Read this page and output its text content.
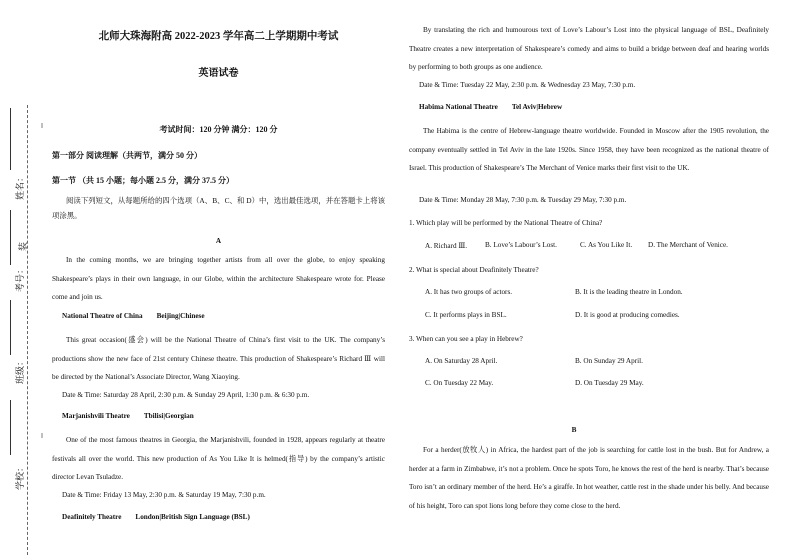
姓名：
装
考号：
班级：
学校：
‖
‖
北师大珠海附高 2022-2023 学年高二上学期期中考试
英语试卷
考试时间：120 分钟 满分：120 分
第一部分 阅读理解（共两节，满分 50 分）
第一节 （共 15 小题；每小题 2.5 分，满分 37.5 分）
阅读下列短文，从每题所给的四个选项（A、B、C、和 D）中，选出最佳选项，并在答题卡上将该项涂黑。
A
In the coming months, we are bringing together artists from all over the globe, to enjoy speaking Shakespeare’s plays in their own language, in our Globe, within the architecture Shakespeare wrote for. Please come and join us.
National Theatre of China Beijing|Chinese
This great occasion(盛会) will be the National Theatre of China’s first visit to the UK. The company’s productions show the new face of 21st century Chinese theatre. This production of Shakespeare’s Richard Ⅲ will be directed by the National’s Associate Director, Wang Xiaoying.
Date & Time: Saturday 28 April, 2:30 p.m. & Sunday 29 April, 1:30 p.m. & 6:30 p.m.
Marjanishvili Theatre Tbilisi|Georgian
One of the most famous theatres in Georgia, the Marjanishvili, founded in 1928, appears regularly at theatre festivals all over the world. This new production of As You Like It is helmed(指导) by the company’s artistic director Levan Tsuladze.
Date & Time: Friday 13 May, 2:30 p.m. & Saturday 19 May, 7:30 p.m.
Deafinitely Theatre London|British Sign Language (BSL)
By translating the rich and humourous text of Love’s Labour’s Lost into the physical language of BSL, Deafinitely Theatre creates a new interpretation of Shakespeare’s comedy and aims to build a bridge between deaf and hearing worlds by performing to both groups as one audience.
Date & Time: Tuesday 22 May, 2:30 p.m. & Wednesday 23 May, 7:30 p.m.
Habima National Theatre Tel Aviv|Hebrew
The Habima is the centre of Hebrew-language theatre worldwide. Founded in Moscow after the 1905 revolution, the company eventually settled in Tel Aviv in the late 1920s. Since 1958, they have been recognized as the national theatre of Israel. This production of Shakespeare’s The Merchant of Venice marks their first visit to the UK.
Date & Time: Monday 28 May, 7:30 p.m. & Tuesday 29 May, 7:30 p.m.
1. Which play will be performed by the National Theatre of China?
A. Richard Ⅲ. B. Love’s Labour’s Lost.	C. As You Like It. D. The Merchant of Venice.
2. What is special about Deafinitely Theatre?
A. It has two groups of actors.	B. It is the leading theatre in London.
C. It performs plays in BSL.	D. It is good at producing comedies.
3. When can you see a play in Hebrew?
A. On Saturday 28 April.	B. On Sunday 29 April.
C. On Tuesday 22 May.	D. On Tuesday 29 May.
B
For a herder(放牧人) in Africa, the hardest part of the job is searching for cattle lost in the bush. But for Andrew, a herder at a farm in Zimbabwe, it’s not a problem. Once he spots Toro, he knows the rest of the herd is nearby. That’s because Toro isn’t an ordinary member of the herd. He’s a giraffe. In hot weather, cattle rest in the shade under his belly. And because of his height, Toro can spot lions long before they come close to the herd.
